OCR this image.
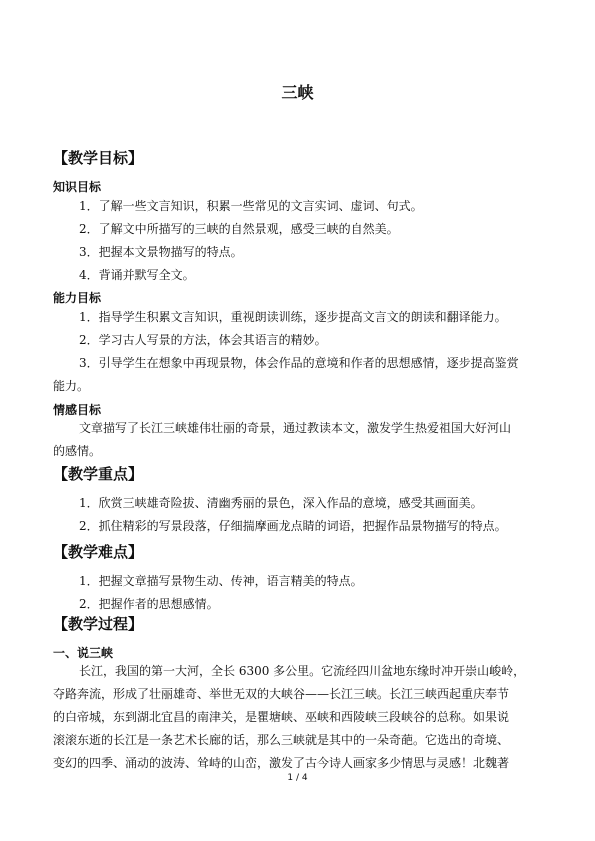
三峡
【教学目标】
知识目标
1．了解一些文言知识，积累一些常见的文言实词、虚词、句式。
2．了解文中所描写的三峡的自然景观，感受三峡的自然美。
3．把握本文景物描写的特点。
4．背诵并默写全文。
能力目标
1．指导学生积累文言知识，重视朗读训练，逐步提高文言文的朗读和翻译能力。
2．学习古人写景的方法，体会其语言的精妙。
3．引导学生在想象中再现景物，体会作品的意境和作者的思想感情，逐步提高鉴赏
能力。
情感目标
文章描写了长江三峡雄伟壮丽的奇景，通过教读本文，激发学生热爱祖国大好河山
的感情。
【教学重点】
1．欣赏三峡雄奇险拔、清幽秀丽的景色，深入作品的意境，感受其画面美。
2．抓住精彩的写景段落，仔细揣摩画龙点睛的词语，把握作品景物描写的特点。
【教学难点】
1．把握文章描写景物生动、传神，语言精美的特点。
2．把握作者的思想感情。
【教学过程】
一、说三峡
长江，我国的第一大河，全长 6300 多公里。它流经四川盆地东缘时冲开崇山峻岭，
夺路奔流，形成了壮丽雄奇、举世无双的大峡谷——长江三峡。长江三峡西起重庆奉节
的白帝城，东到湖北宜昌的南津关，是瞿塘峡、巫峡和西陵峡三段峡谷的总称。如果说
滚滚东逝的长江是一条艺术长廊的话，那么三峡就是其中的一朵奇葩。它选出的奇境、
变幻的四季、涌动的波涛、耸峙的山峦，激发了古今诗人画家多少情思与灵感！北魏著
1 / 4
